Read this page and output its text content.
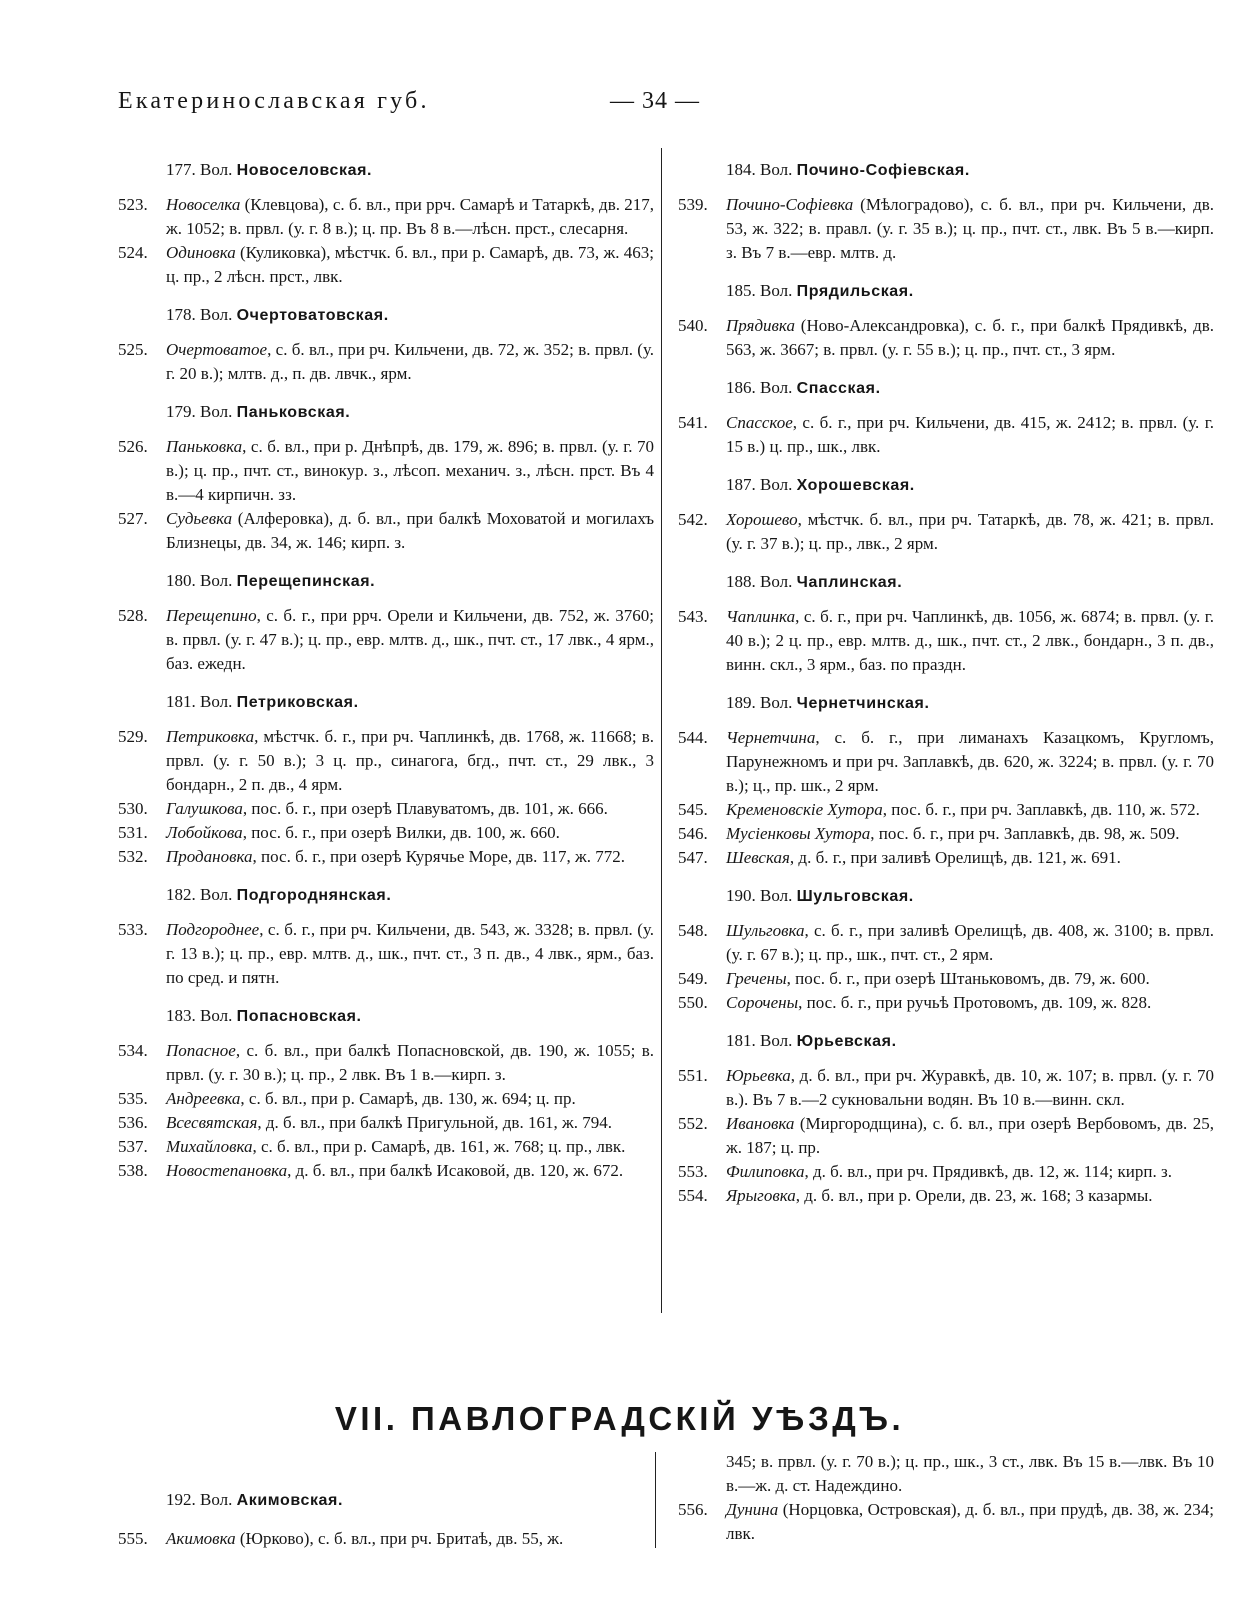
Екатеринославская губ.	— 34 —
177. Вол. Новоселовская.
523.	Новоселка (Клевцова), с. б. вл., при ррч. Самарѣ и Татаркѣ, дв. 217, ж. 1052; в. првл. (у. г. 8 в.); ц. пр. Въ 8 в.—лѣсн. прст., слесарня.
524.	Одиновка (Куликовка), мѣстчк. б. вл., при р. Самарѣ, дв. 73, ж. 463; ц. пр., 2 лѣсн. прст., лвк.
178. Вол. Очертоватовская.
525.	Очертоватое, с. б. вл., при рч. Кильчени, дв. 72, ж. 352; в. првл. (у. г. 20 в.); млтв. д., п. дв. лвчк., ярм.
179. Вол. Паньковская.
526.	Паньковка, с. б. вл., при р. Днѣпрѣ, дв. 179, ж. 896; в. првл. (у. г. 70 в.); ц. пр., пчт. ст., винокур. з., лѣсоп. механич. з., лѣсн. прст. Въ 4 в.—4 кирпичн. зз.
527.	Судьевка (Алферовка), д. б. вл., при балкѣ Моховатой и могилахъ Близнецы, дв. 34, ж. 146; кирп. з.
180. Вол. Перещепинская.
528.	Перещепино, с. б. г., при ррч. Орели и Кильчени, дв. 752, ж. 3760; в. првл. (у. г. 47 в.); ц. пр., евр. млтв. д., шк., пчт. ст., 17 лвк., 4 ярм., баз. ежедн.
181. Вол. Петриковская.
529.	Петриковка, мѣстчк. б. г., при рч. Чаплинкѣ, дв. 1768, ж. 11668; в. првл. (у. г. 50 в.); 3 ц. пр., синагога, бгд., пчт. ст., 29 лвк., 3 бондарн., 2 п. дв., 4 ярм.
530.	Галушкова, пос. б. г., при озерѣ Плавуватомъ, дв. 101, ж. 666.
531.	Лобойкова, пос. б. г., при озерѣ Вилки, дв. 100, ж. 660.
532.	Продановка, пос. б. г., при озерѣ Курячье Море, дв. 117, ж. 772.
182. Вол. Подгороднянская.
533.	Подгороднее, с. б. г., при рч. Кильчени, дв. 543, ж. 3328; в. првл. (у. г. 13 в.); ц. пр., евр. млтв. д., шк., пчт. ст., 3 п. дв., 4 лвк., ярм., баз. по сред. и пятн.
183. Вол. Попасновская.
534.	Попасное, с. б. вл., при балкѣ Попасновской, дв. 190, ж. 1055; в. првл. (у. г. 30 в.); ц. пр., 2 лвк. Въ 1 в.—кирп. з.
535.	Андреевка, с. б. вл., при р. Самарѣ, дв. 130, ж. 694; ц. пр.
536.	Всесвятская, д. б. вл., при балкѣ Пригульной, дв. 161, ж. 794.
537.	Михайловка, с. б. вл., при р. Самарѣ, дв. 161, ж. 768; ц. пр., лвк.
538.	Новостепановка, д. б. вл., при балкѣ Исаковой, дв. 120, ж. 672.
184. Вол. Почино-Софіевская.
539.	Почино-Софіевка (Мѣлоградово), с. б. вл., при рч. Кильчени, дв. 53, ж. 322; в. правл. (у. г. 35 в.); ц. пр., пчт. ст., лвк. Въ 5 в.—кирп. з. Въ 7 в.—евр. млтв. д.
185. Вол. Прядильская.
540.	Прядивка (Ново-Александровка), с. б. г., при балкѣ Прядивкѣ, дв. 563, ж. 3667; в. првл. (у. г. 55 в.); ц. пр., пчт. ст., 3 ярм.
186. Вол. Спасская.
541.	Спасское, с. б. г., при рч. Кильчени, дв. 415, ж. 2412; в. првл. (у. г. 15 в.) ц. пр., шк., лвк.
187. Вол. Хорошевская.
542.	Хорошево, мѣстчк. б. вл., при рч. Татаркѣ, дв. 78, ж. 421; в. првл. (у. г. 37 в.); ц. пр., лвк., 2 ярм.
188. Вол. Чаплинская.
543.	Чаплинка, с. б. г., при рч. Чаплинкѣ, дв. 1056, ж. 6874; в. првл. (у. г. 40 в.); 2 ц. пр., евр. млтв. д., шк., пчт. ст., 2 лвк., бондарн., 3 п. дв., винн. скл., 3 ярм., баз. по праздн.
189. Вол. Чернетчинская.
544.	Чернетчина, с. б. г., при лиманахъ Казацкомъ, Кругломъ, Парунежномъ и при рч. Заплавкѣ, дв. 620, ж. 3224; в. првл. (у. г. 70 в.); ц., пр. шк., 2 ярм.
545.	Кременовскіе Хутора, пос. б. г., при рч. Заплавкѣ, дв. 110, ж. 572.
546.	Мусіенковы Хутора, пос. б. г., при рч. Заплавкѣ, дв. 98, ж. 509.
547.	Шевская, д. б. г., при заливѣ Орелищѣ, дв. 121, ж. 691.
190. Вол. Шульговская.
548.	Шульговка, с. б. г., при заливѣ Орелищѣ, дв. 408, ж. 3100; в. првл. (у. г. 67 в.); ц. пр., шк., пчт. ст., 2 ярм.
549.	Гречены, пос. б. г., при озерѣ Штаньковомъ, дв. 79, ж. 600.
550.	Сорочены, пос. б. г., при ручьѣ Протовомъ, дв. 109, ж. 828.
181. Вол. Юрьевская.
551.	Юрьевка, д. б. вл., при рч. Журавкѣ, дв. 10, ж. 107; в. првл. (у. г. 70 в.). Въ 7 в.—2 сукновальни водян. Въ 10 в.—винн. скл.
552.	Ивановка (Миргородщина), с. б. вл., при озерѣ Вербовомъ, дв. 25, ж. 187; ц. пр.
553.	Филиповка, д. б. вл., при рч. Прядивкѣ, дв. 12, ж. 114; кирп. з.
554.	Ярыговка, д. б. вл., при р. Орели, дв. 23, ж. 168; 3 казармы.
VII. ПАВЛОГРАДСКІЙ УѢЗДЪ.
192. Вол. Акимовская.
555.	Акимовка (Юрково), с. б. вл., при рч. Бритаѣ, дв. 55, ж.
345; в. првл. (у. г. 70 в.); ц. пр., шк., 3 ст., лвк. Въ 15 в.—лвк. Въ 10 в.—ж. д. ст. Надеждино.
556.	Дунина (Норцовка, Островская), д. б. вл., при прудѣ, дв. 38, ж. 234; лвк.
